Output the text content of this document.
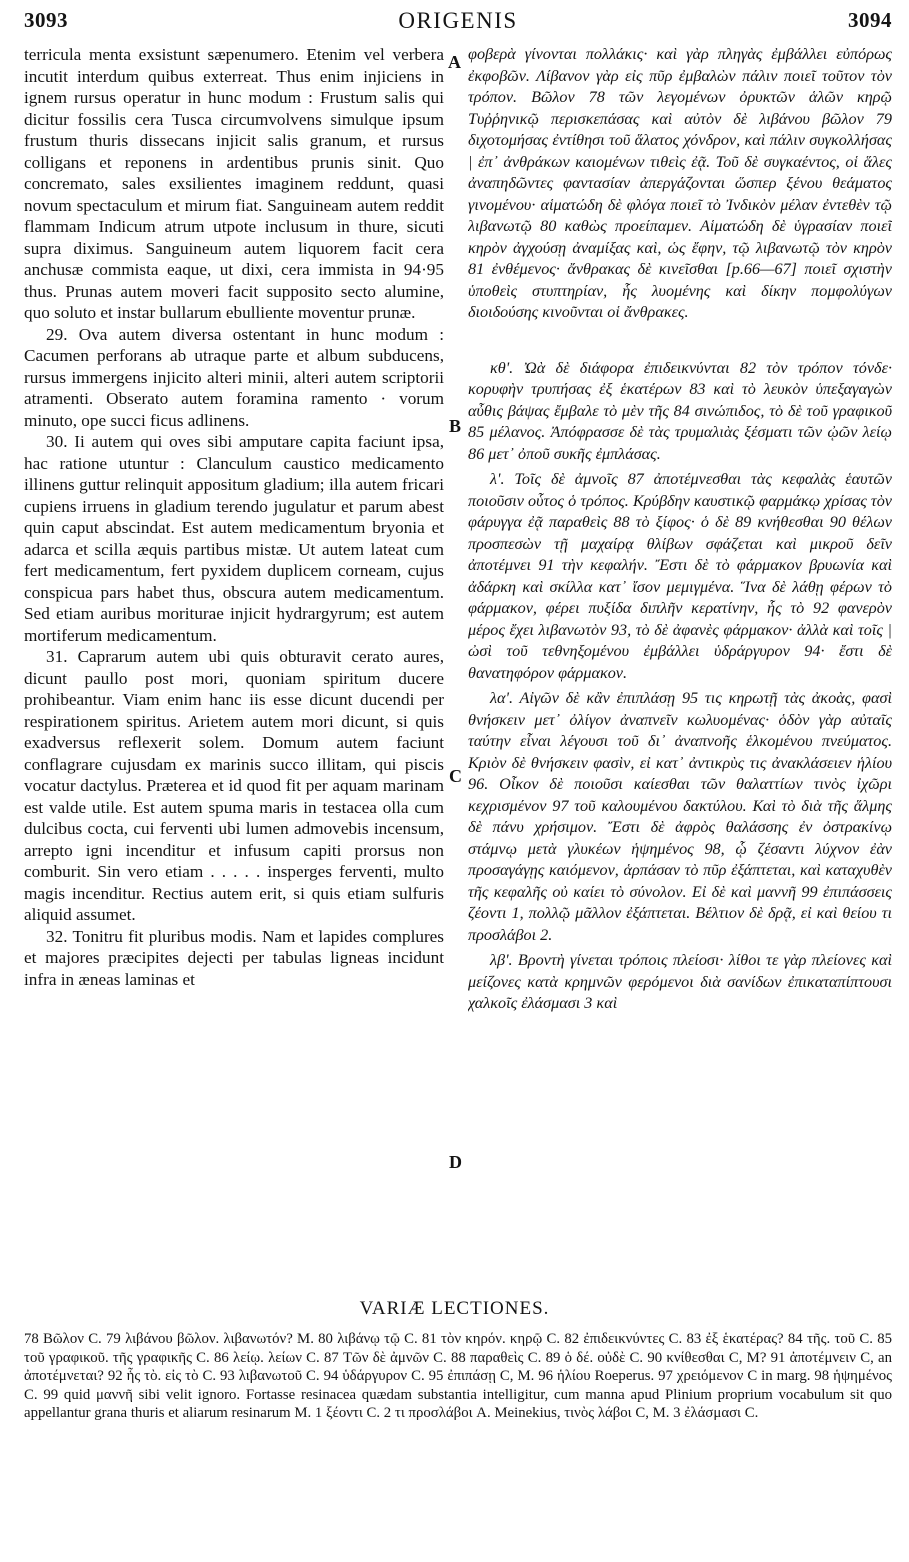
3093	ORIGENIS	3094

terricula menta exsistunt sæpenumero. Etenim vel verbera incutit interdum quibus exterreat. Thus enim injiciens in ignem rursus operatur in hunc modum : Frustum salis qui dicitur fossilis cera Tusca circumvolvens simulque ipsum frustum thuris dissecans injicit salis granum, et rursus colligans et reponens in ardentibus prunis sinit. Quo concremato, sales exsilientes imaginem reddunt, quasi novum spectaculum et mirum fiat. Sanguineam autem reddit flammam Indicum atrum utpote inclusum in thure, sicuti supra diximus. Sanguineum autem liquorem facit cera anchusæ commista eaque, ut dixi, cera immista in 94·95 thus. Prunas autem moveri facit supposito secto alumine, quo soluto et instar bullarum ebulliente moventur prunæ.

29. Ova autem diversa ostentant in hunc modum : Cacumen perforans ab utraque parte et album subducens, rursus immergens injicito alteri minii, alteri autem scriptorii atramenti. Obserato autem foramina ramento · vorum minuto, ope succi ficus adlinens.

30. Ii autem qui oves sibi amputare capita faciunt ipsa, hac ratione utuntur : Clanculum caustico medicamento illinens guttur relinquit appositum gladium; illa autem fricari cupiens irruens in gladium terendo jugulatur et parum abest quin caput abscindat. Est autem medicamentum bryonia et adarca et scilla æquis partibus mistæ. Ut autem lateat cum fert medicamentum, fert pyxidem duplicem corneam, cujus conspicua pars habet thus, obscura autem medicamentum. Sed etiam auribus moriturae injicit hydrargyrum; est autem mortiferum medicamentum.

31. Caprarum autem ubi quis obturavit cerato aures, dicunt paullo post mori, quoniam spiritum ducere prohibeantur. Viam enim hanc iis esse dicunt ducendi per respirationem spiritus. Arietem autem mori dicunt, si quis exadversus reflexerit solem. Domum autem faciunt conflagrare cujusdam ex marinis succo illitam, qui piscis vocatur dactylus. Præterea et id quod fit per aquam marinam est valde utile. Est autem spuma maris in testacea olla cum dulcibus cocta, cui ferventi ubi lumen admovebis incensum, arrepto igni incenditur et infusum capiti prorsus non comburit. Sin vero etiam . . . . . insperges ferventi, multo magis incenditur. Rectius autem erit, si quis etiam sulfuris aliquid assumet.

32. Tonitru fit pluribus modis. Nam et lapides complures et majores præcipites dejecti per tabulas ligneas incidunt infra in æneas laminas et

A
B
C
D

φοβερὰ γίνονται πολλάκις· καὶ γὰρ πληγὰς ἐμβάλλει εὐπόρως ἐκφοβῶν. Λίβανον γὰρ εἰς πῦρ ἐμβαλὼν πάλιν ποιεῖ τοῦτον τὸν τρόπον. Βῶλον 78 τῶν λεγομένων ὀρυκτῶν ἁλῶν κηρῷ Τυῤῥηνικῷ περισκεπάσας καὶ αὐτὸν δὲ λιβάνου βῶλον 79 διχοτομήσας ἐντίθησι τοῦ ἅλατος χόνδρον, καὶ πάλιν συγκολλήσας | ἐπ᾽ ἀνθράκων καιομένων τιθεὶς ἐᾷ. Τοῦ δὲ συγκαέντος, οἱ ἅλες ἀναπηδῶντες φαντασίαν ἀπεργάζονται ὥσπερ ξένου θεάματος γινομένου· αἱματώδη δὲ φλόγα ποιεῖ τὸ Ἰνδικὸν μέλαν ἐντεθὲν τῷ λιβανωτῷ 80 καθὼς προείπαμεν. Αἱματώδη δὲ ὑγρασίαν ποιεῖ κηρὸν ἀγχούσῃ ἀναμίξας καὶ, ὡς ἔφην, τῷ λιβανωτῷ τὸν κηρὸν 81 ἐνθέμενος· ἄνθρακας δὲ κινεῖσθαι [p.66—67] ποιεῖ σχιστὴν ὑποθεὶς στυπτηρίαν, ἧς λυομένης καὶ δίκην πομφολύγων διοιδούσης κινοῦνται οἱ ἄνθρακες.

κθ'. Ὠὰ δὲ διάφορα ἐπιδεικνύνται 82 τὸν τρόπον τόνδε· κορυφὴν τρυπήσας ἐξ ἑκατέρων 83 καὶ τὸ λευκὸν ὑπεξαγαγὼν αὖθις βάψας ἔμβαλε τὸ μὲν τῆς 84 σινώπιδος, τὸ δὲ τοῦ γραφικοῦ 85 μέλανος. Ἀπόφρασσε δὲ τὰς τρυμαλιὰς ξέσματι τῶν ᾠῶν λείῳ 86 μετ᾽ ὀποῦ συκῆς ἐμπλάσας.

λ'. Τοῖς δὲ ἀμνοῖς 87 ἀποτέμνεσθαι τὰς κεφαλὰς ἑαυτῶν ποιοῦσιν οὗτος ὁ τρόπος. Κρύβδην καυστικῷ φαρμάκῳ χρίσας τὸν φάρυγγα ἐᾷ παραθεὶς 88 τὸ ξίφος· ὁ δὲ 89 κνήθεσθαι 90 θέλων προσπεσὼν τῇ μαχαίρᾳ θλίβων σφάζεται καὶ μικροῦ δεῖν ἀποτέμνει 91 τὴν κεφαλήν. Ἔστι δὲ τὸ φάρμακον βρυωνία καὶ ἀδάρκη καὶ σκίλλα κατ᾽ ἴσον μεμιγμένα. Ἵνα δὲ λάθῃ φέρων τὸ φάρμακον, φέρει πυξίδα διπλῆν κερατίνην, ἧς τὸ 92 φανερὸν μέρος ἔχει λιβανωτὸν 93, τὸ δὲ ἀφανὲς φάρμακον· ἀλλὰ καὶ τοῖς | ὠσὶ τοῦ τεθνηξομένου ἐμβάλλει ὑδράργυρον 94· ἔστι δὲ θανατηφόρον φάρμακον.

λα'. Αἰγῶν δὲ κἂν ἐπιπλάσῃ 95 τις κηρωτῇ τὰς ἀκοὰς, φασὶ θνήσκειν μετ᾽ ὀλίγον ἀναπνεῖν κωλυομένας· ὁδὸν γὰρ αὐταῖς ταύτην εἶναι λέγουσι τοῦ δι᾽ ἀναπνοῆς ἑλκομένου πνεύματος. Κριὸν δὲ θνήσκειν φασὶν, εἰ κατ᾽ ἀντικρὺς τις ἀνακλάσειεν ἡλίου 96. Οἶκον δὲ ποιοῦσι καίεσθαι τῶν θαλαττίων τινὸς ἰχῶρι κεχρισμένον 97 τοῦ καλουμένου δακτύλου. Καὶ τὸ διὰ τῆς ἅλμης δὲ πάνυ χρήσιμον. Ἔστι δὲ ἀφρὸς θαλάσσης ἐν ὀστρακίνῳ στάμνῳ μετὰ γλυκέων ἡψημένος 98, ᾧ ζέσαντι λύχνον ἐὰν προσαγάγῃς καιόμενον, ἁρπάσαν τὸ πῦρ ἐξάπτεται, καὶ καταχυθὲν τῆς κεφαλῆς οὐ καίει τὸ σύνολον. Εἰ δὲ καὶ μαννῆ 99 ἐπιπάσσεις ζέοντι 1, πολλῷ μᾶλλον ἐξάπτεται. Βέλτιον δὲ δρᾷ, εἰ καὶ θείου τι προσλάβοι 2.

λβ'. Βροντὴ γίνεται τρόποις πλείοσι· λίθοι τε γὰρ πλείονες καὶ μείζονες κατὰ κρημνῶν φερόμενοι διὰ σανίδων ἐπικαταπίπτουσι χαλκοῖς ἐλάσμασι 3 καὶ

VARIÆ LECTIONES.
78 Βῶλον C. 79 λιβάνου βῶλον. λιβανωτόν? M. 80 λιβάνῳ τῷ C. 81 τὸν κηρόν. κηρῷ C. 82 ἐπιδεικνύντες C. 83 ἐξ ἑκατέρας? 84 τῆς. τοῦ C. 85 τοῦ γραφικοῦ. τῆς γραφικῆς C. 86 λείῳ. λείων C. 87 Τῶν δὲ ἀμνῶν C. 88 παραθεὶς C. 89 ὁ δέ. οὐδὲ C. 90 κνίθεσθαι C, M? 91 ἀποτέμνειν C, an ἀποτέμνεται? 92 ἧς τὸ. εἰς τὸ C. 93 λιβανωτοῦ C. 94 ὑδάργυρον C. 95 ἐπιπάσῃ C, M. 96 ἡλίου Roeperus. 97 χρειόμενον C in marg. 98 ἡψημένος C. 99 quid μαννῆ sibi velit ignoro. Fortasse resinacea quædam substantia intelligitur, cum manna apud Plinium proprium vocabulum sit quo appellantur grana thuris et aliarum resinarum M. 1 ξέοντι C. 2 τι προσλάβοι A. Meinekius, τινὸς λάβοι C, M. 3 ἐλάσμασι C.
